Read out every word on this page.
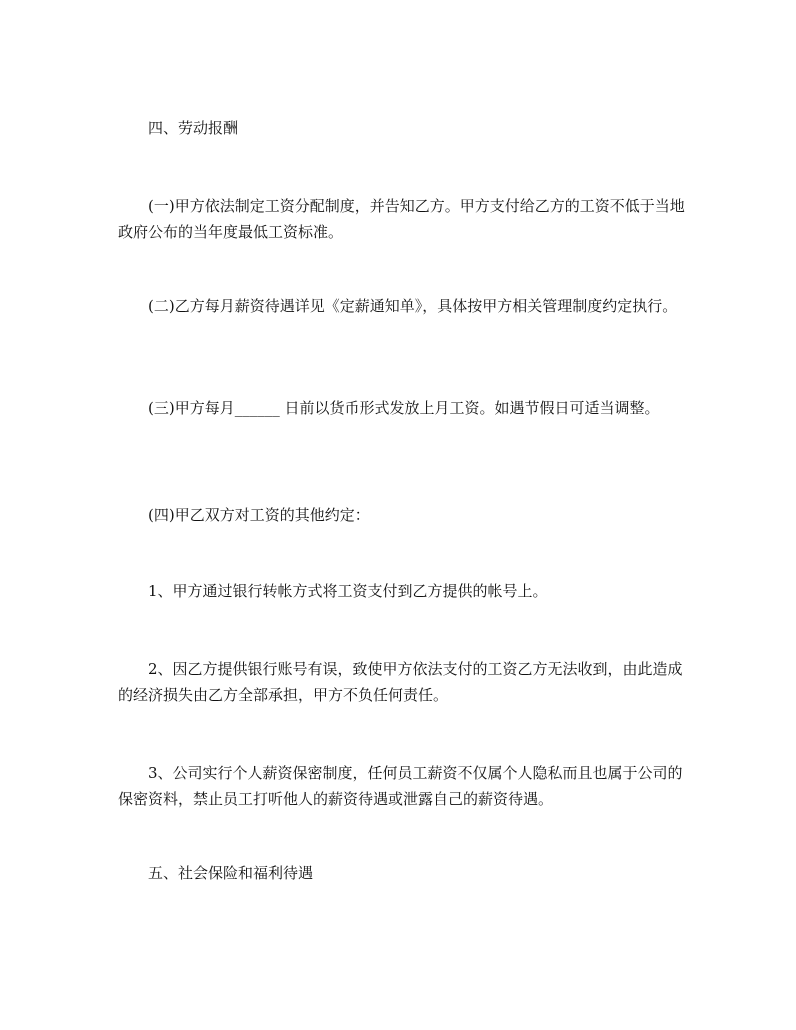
四、劳动报酬

(一)甲方依法制定工资分配制度，并告知乙方。甲方支付给乙方的工资不低于当地政府公布的当年度最低工资标准。

(二)乙方每月薪资待遇详见《定薪通知单》，具体按甲方相关管理制度约定执行。

(三)甲方每月______ 日前以货币形式发放上月工资。如遇节假日可适当调整。

(四)甲乙双方对工资的其他约定：

1、甲方通过银行转帐方式将工资支付到乙方提供的帐号上。

2、因乙方提供银行账号有误，致使甲方依法支付的工资乙方无法收到，由此造成的经济损失由乙方全部承担，甲方不负任何责任。

3、公司实行个人薪资保密制度，任何员工薪资不仅属个人隐私而且也属于公司的保密资料，禁止员工打听他人的薪资待遇或泄露自己的薪资待遇。

五、社会保险和福利待遇
